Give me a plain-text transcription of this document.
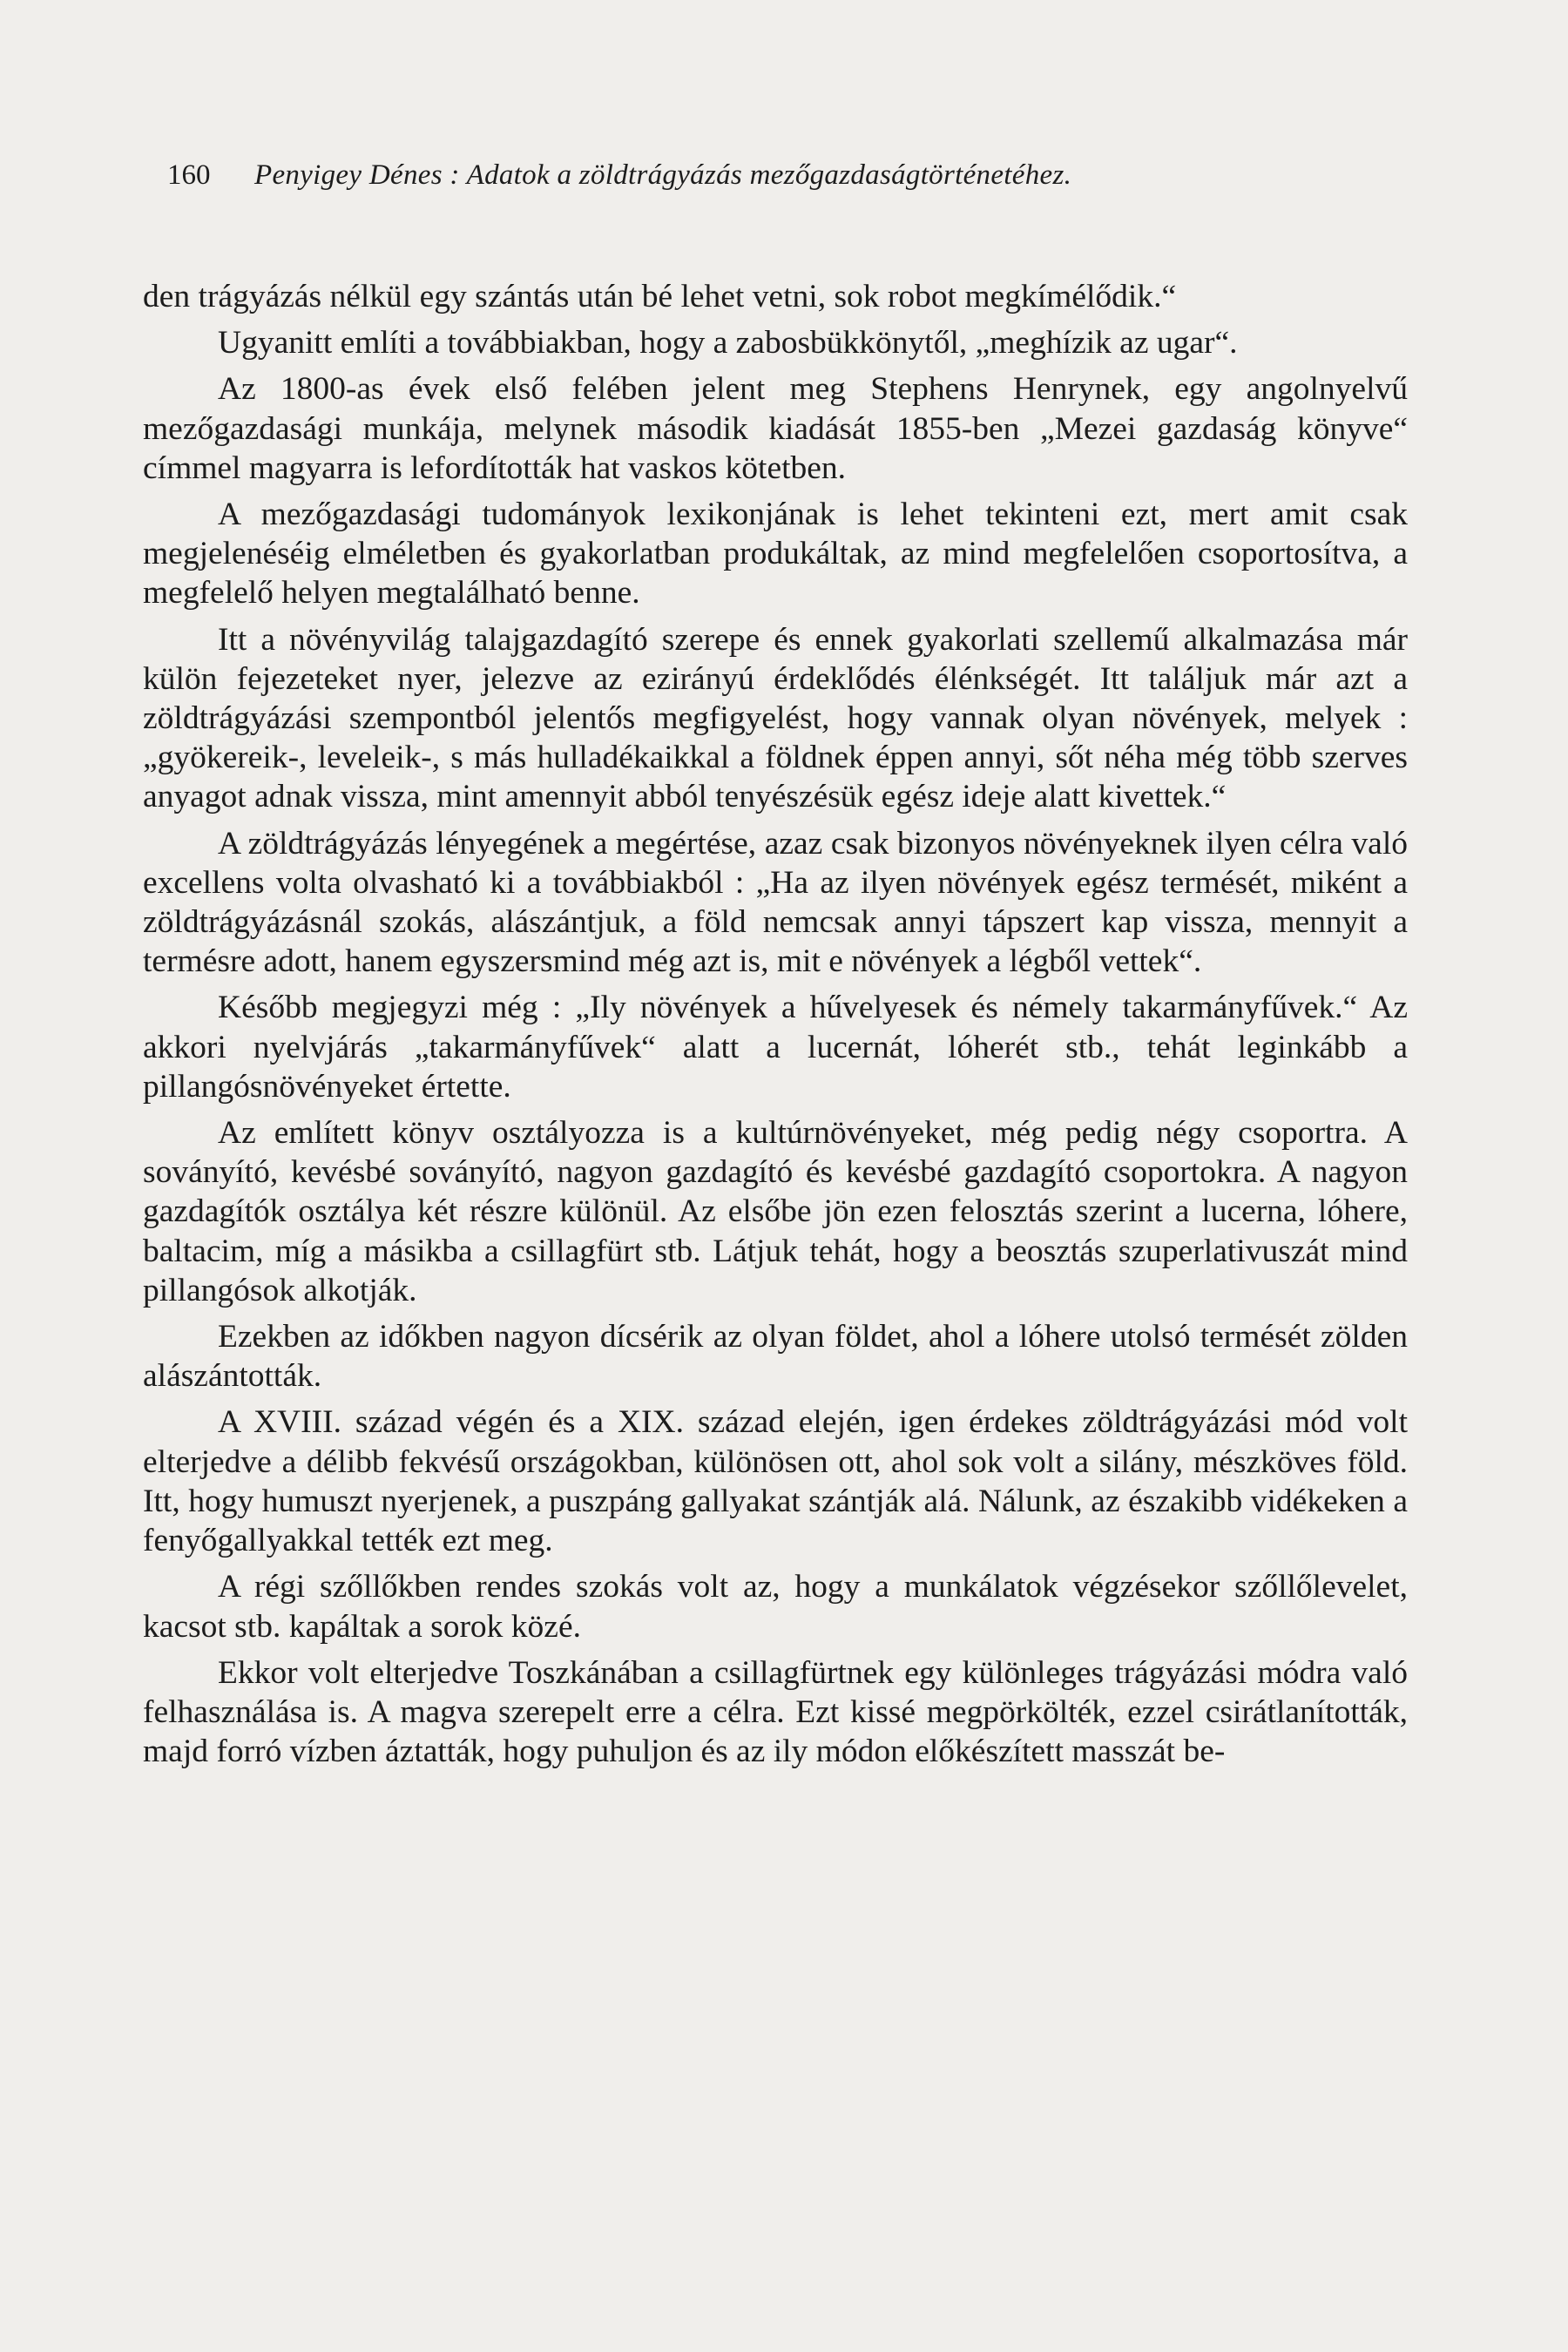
160 Penyigey Dénes : Adatok a zöldtrágyázás mezőgazdaságtörténetéhez.

den trágyázás nélkül egy szántás után bé lehet vetni, sok robot megkímélődik.“

Ugyanitt említi a továbbiakban, hogy a zabosbükkönytől, „meghízik az ugar“.

Az 1800-as évek első felében jelent meg Stephens Henrynek, egy angolnyelvű mezőgazdasági munkája, melynek második kiadását 1855-ben „Mezei gazdaság könyve“ címmel magyarra is lefordították hat vaskos kötetben.

A mezőgazdasági tudományok lexikonjának is lehet tekinteni ezt, mert amit csak megjelenéséig elméletben és gyakorlatban produkáltak, az mind megfelelően csoportosítva, a megfelelő helyen megtalálható benne.

Itt a növényvilág talajgazdagító szerepe és ennek gyakorlati szellemű alkalmazása már külön fejezeteket nyer, jelezve az ezirányú érdeklődés élénkségét. Itt találjuk már azt a zöldtrágyázási szempontból jelentős megfigyelést, hogy vannak olyan növények, melyek : „gyökereik-, leveleik-, s más hulladékaikkal a földnek éppen annyi, sőt néha még több szerves anyagot adnak vissza, mint amennyit abból tenyészésük egész ideje alatt kivettek.“

A zöldtrágyázás lényegének a megértése, azaz csak bizonyos növényeknek ilyen célra való excellens volta olvasható ki a továbbiakból : „Ha az ilyen növények egész termését, miként a zöldtrágyázásnál szokás, alászántjuk, a föld nemcsak annyi tápszert kap vissza, mennyit a termésre adott, hanem egyszersmind még azt is, mit e növények a légből vettek“.

Később megjegyzi még : „Ily növények a hűvelyesek és némely takarmányfűvek.“ Az akkori nyelvjárás „takarmányfűvek“ alatt a lucernát, lóherét stb., tehát leginkább a pillangósnövényeket értette.

Az említett könyv osztályozza is a kultúrnövényeket, még pedig négy csoportra. A soványító, kevésbé soványító, nagyon gazdagító és kevésbé gazdagító csoportokra. A nagyon gazdagítók osztálya két részre különül. Az elsőbe jön ezen felosztás szerint a lucerna, lóhere, baltacim, míg a másikba a csillagfürt stb. Látjuk tehát, hogy a beosztás szuperlativuszát mind pillangósok alkotják.

Ezekben az időkben nagyon dícsérik az olyan földet, ahol a lóhere utolsó termését zölden alászántották.

A XVIII. század végén és a XIX. század elején, igen érdekes zöldtrágyázási mód volt elterjedve a délibb fekvésű országokban, különösen ott, ahol sok volt a silány, mészköves föld. Itt, hogy humuszt nyerjenek, a puszpáng gallyakat szántják alá. Nálunk, az északibb vidékeken a fenyőgallyakkal tették ezt meg.

A régi szőllőkben rendes szokás volt az, hogy a munkálatok végzésekor szőllőlevelet, kacsot stb. kapáltak a sorok közé.

Ekkor volt elterjedve Toszkánában a csillagfürtnek egy különleges trágyázási módra való felhasználása is. A magva szerepelt erre a célra. Ezt kissé megpörkölték, ezzel csirátlanították, majd forró vízben áztatták, hogy puhuljon és az ily módon előkészített masszát be-
